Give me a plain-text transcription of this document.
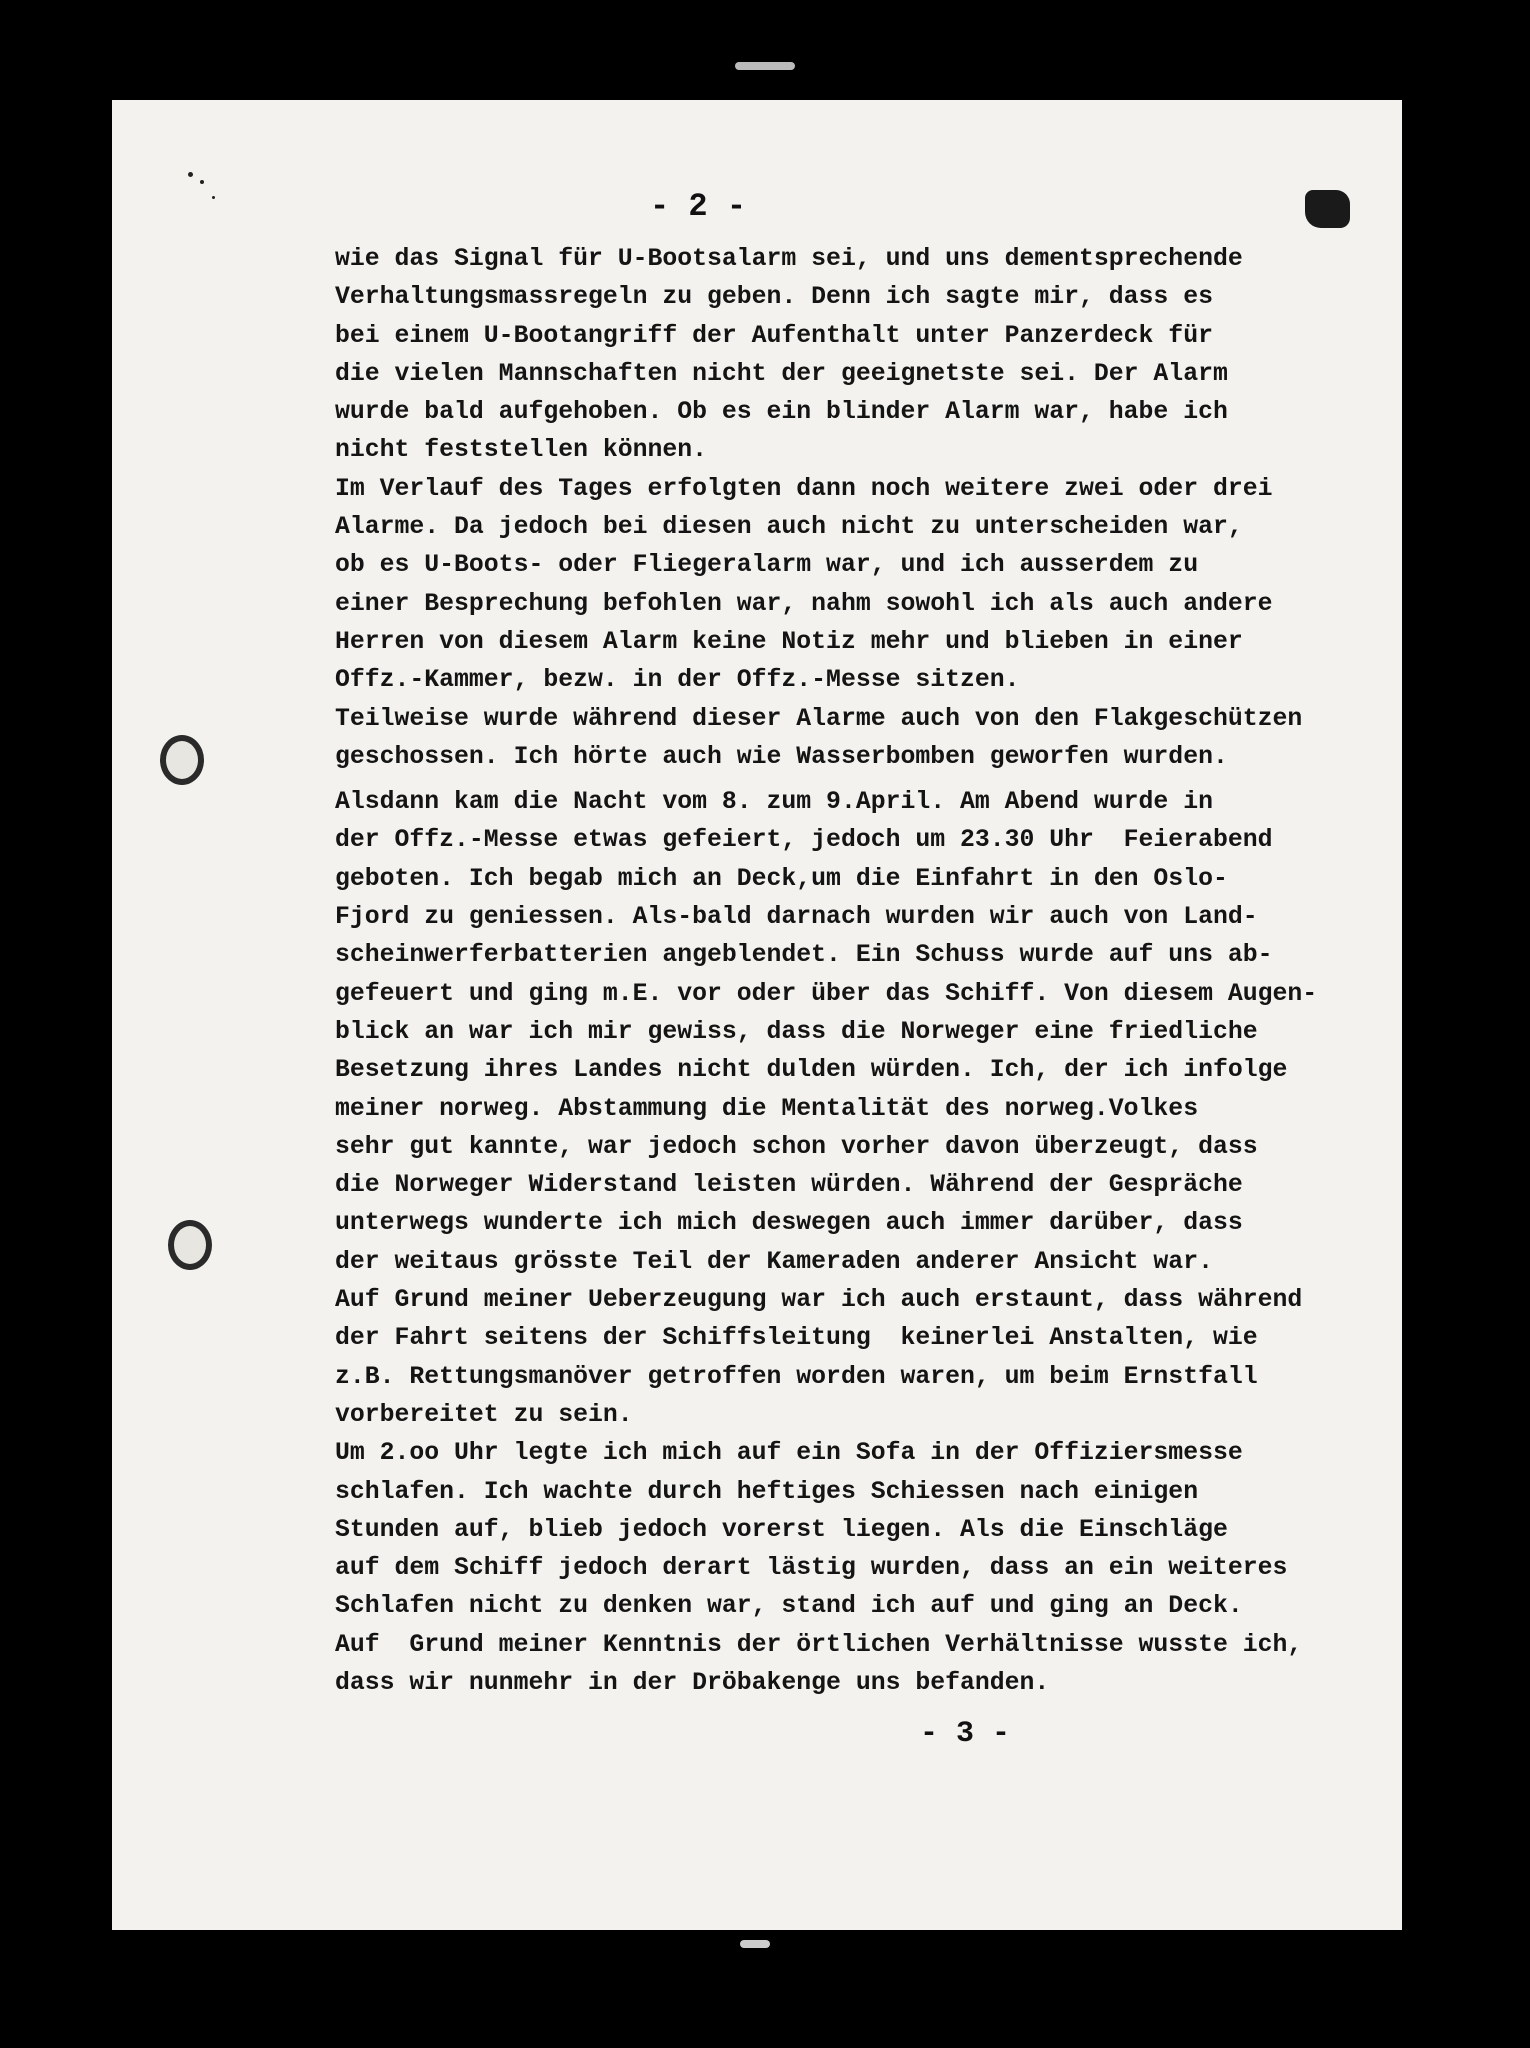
- 2 -
wie das Signal für U-Bootsalarm sei, und uns dementsprechende
Verhaltungsmassregeln zu geben. Denn ich sagte mir, dass es
bei einem U-Bootangriff der Aufenthalt unter Panzerdeck für
die vielen Mannschaften nicht der geeignetste sei. Der Alarm
wurde bald aufgehoben. Ob es ein blinder Alarm war, habe ich
nicht feststellen können.
Im Verlauf des Tages erfolgten dann noch weitere zwei oder drei
Alarme. Da jedoch bei diesen auch nicht zu unterscheiden war,
ob es U-Boots- oder Fliegeralarm war, und ich ausserdem zu
einer Besprechung befohlen war, nahm sowohl ich als auch andere
Herren von diesem Alarm keine Notiz mehr und blieben in einer
Offz.-Kammer, bezw. in der Offz.-Messe sitzen.
Teilweise wurde während dieser Alarme auch von den Flakgeschützen
geschossen. Ich hörte auch wie Wasserbomben geworfen wurden.
Alsdann kam die Nacht vom 8. zum 9.April. Am Abend wurde in
der Offz.-Messe etwas gefeiert, jedoch um 23.30 Uhr  Feierabend
geboten. Ich begab mich an Deck,um die Einfahrt in den Oslo-
Fjord zu geniessen. Als-bald darnach wurden wir auch von Land-
scheinwerferbatterien angeblendet. Ein Schuss wurde auf uns ab-
gefeuert und ging m.E. vor oder über das Schiff. Von diesem Augen-
blick an war ich mir gewiss, dass die Norweger eine friedliche
Besetzung ihres Landes nicht dulden würden. Ich, der ich infolge
meiner norweg. Abstammung die Mentalität des norweg.Volkes
sehr gut kannte, war jedoch schon vorher davon überzeugt, dass
die Norweger Widerstand leisten würden. Während der Gespräche
unterwegs wunderte ich mich deswegen auch immer darüber, dass
der weitaus grösste Teil der Kameraden anderer Ansicht war.
Auf Grund meiner Ueberzeugung war ich auch erstaunt, dass während
der Fahrt seitens der Schiffsleitung  keinerlei Anstalten, wie
z.B. Rettungsmanöver getroffen worden waren, um beim Ernstfall
vorbereitet zu sein.
Um 2.oo Uhr legte ich mich auf ein Sofa in der Offiziersmesse
schlafen. Ich wachte durch heftiges Schiessen nach einigen
Stunden auf, blieb jedoch vorerst liegen. Als die Einschläge
auf dem Schiff jedoch derart lästig wurden, dass an ein weiteres
Schlafen nicht zu denken war, stand ich auf und ging an Deck.
Auf  Grund meiner Kenntnis der örtlichen Verhältnisse wusste ich,
dass wir nunmehr in der Dröbakenge uns befanden.
- 3 -
